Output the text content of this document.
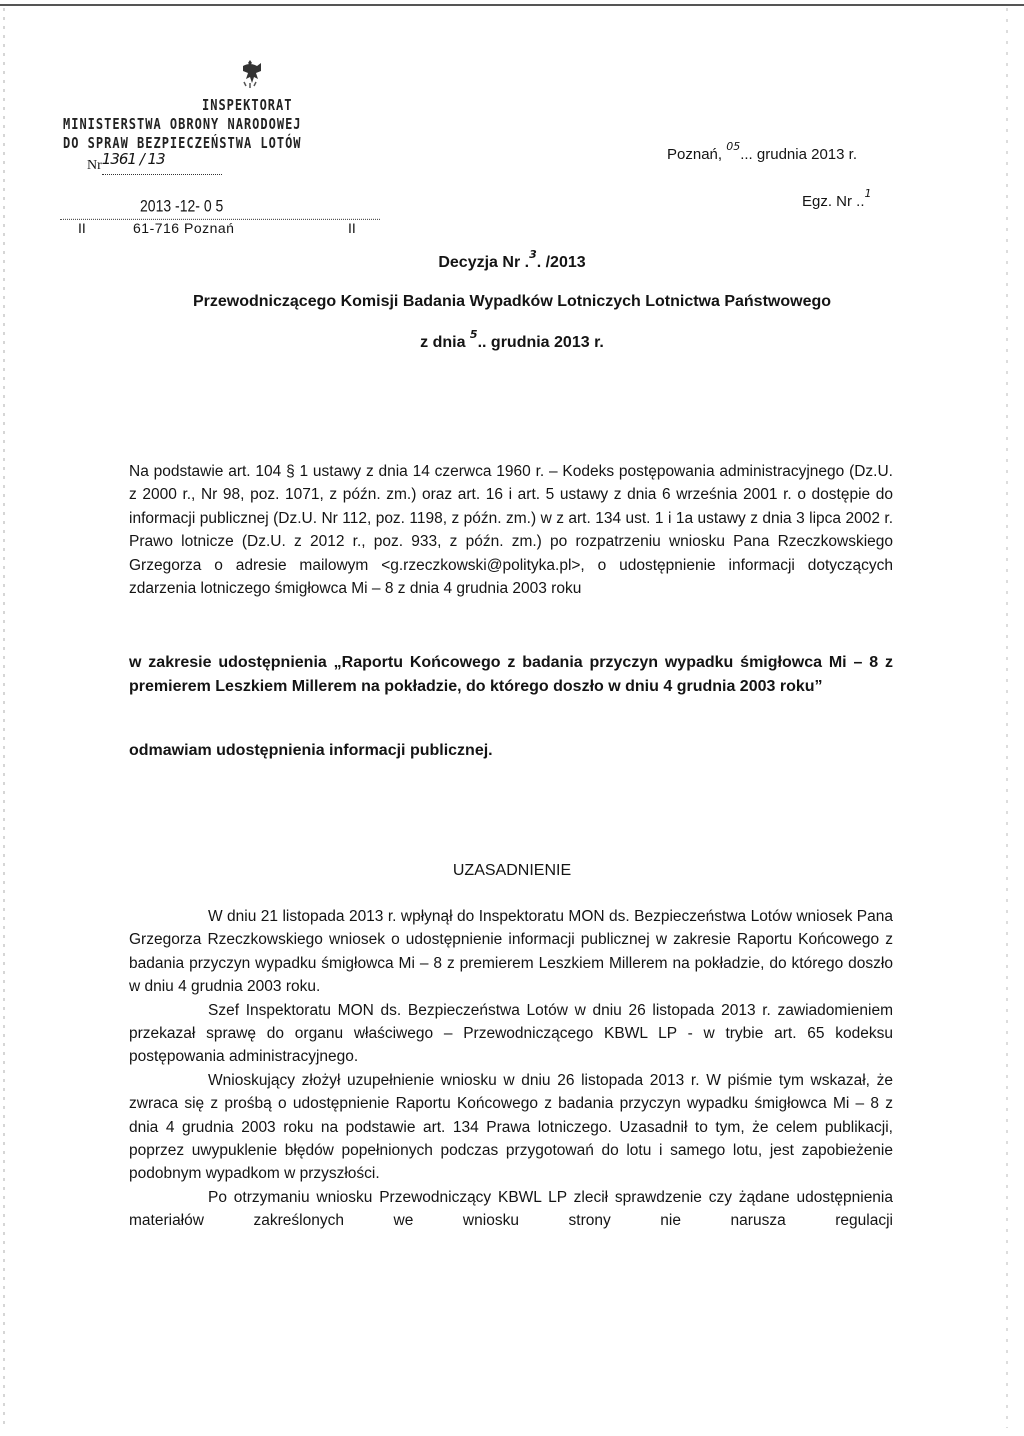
INSPEKTORAT
MINISTERSTWA OBRONY NARODOWEJ
DO SPRAW BEZPIECZEŃSTWA LOTÓW
Nr1361 / 13
2013 -12- 0 5
II	61-716 Poznań	II
Poznań, $^{05}$... grudnia 2013 r.
Egz. Nr ..$^1$
Decyzja Nr .$^3$. /2013
Przewodniczącego Komisji Badania Wypadków Lotniczych Lotnictwa Państwowego
z dnia $^5$.. grudnia 2013 r.
Na podstawie art. 104 § 1 ustawy z dnia 14 czerwca 1960 r. – Kodeks postępowania administracyjnego (Dz.U. z 2000 r., Nr 98, poz. 1071, z późn. zm.) oraz art. 16 i art. 5 ustawy z dnia 6 września 2001 r. o dostępie do informacji publicznej (Dz.U. Nr 112, poz. 1198, z późn. zm.) w z art. 134 ust. 1 i 1a ustawy z dnia 3 lipca 2002 r. Prawo lotnicze (Dz.U. z 2012 r., poz. 933, z późn. zm.) po rozpatrzeniu wniosku Pana Rzeczkowskiego Grzegorza o adresie mailowym <g.rzeczkowski@polityka.pl>, o udostępnienie informacji dotyczących zdarzenia lotniczego śmigłowca Mi – 8 z dnia 4 grudnia 2003 roku
w zakresie udostępnienia „Raportu Końcowego z badania przyczyn wypadku śmigłowca Mi – 8 z premierem Leszkiem Millerem na pokładzie, do którego doszło w dniu 4 grudnia 2003 roku”
odmawiam udostępnienia informacji publicznej.
UZASADNIENIE

W dniu 21 listopada 2013 r. wpłynął do Inspektoratu MON ds. Bezpieczeństwa Lotów wniosek Pana Grzegorza Rzeczkowskiego wniosek o udostępnienie informacji publicznej w zakresie Raportu Końcowego z badania przyczyn wypadku śmigłowca Mi – 8 z premierem Leszkiem Millerem na pokładzie, do którego doszło w dniu 4 grudnia 2003 roku.

Szef Inspektoratu MON ds. Bezpieczeństwa Lotów w dniu 26 listopada 2013 r. zawiadomieniem przekazał sprawę do organu właściwego – Przewodniczącego KBWL LP - w trybie art. 65 kodeksu postępowania administracyjnego.

Wnioskujący złożył uzupełnienie wniosku w dniu 26 listopada 2013 r. W piśmie tym wskazał, że zwraca się z prośbą o udostępnienie Raportu Końcowego z badania przyczyn wypadku śmigłowca Mi – 8 z dnia 4 grudnia 2003 roku na podstawie art. 134 Prawa lotniczego. Uzasadnił to tym, że celem publikacji, poprzez uwypuklenie błędów popełnionych podczas przygotowań do lotu i samego lotu, jest zapobieżenie podobnym wypadkom w przyszłości.

Po otrzymaniu wniosku Przewodniczący KBWL LP zlecił sprawdzenie czy żądane udostępnienia materiałów zakreślonych we wniosku strony nie narusza regulacji
